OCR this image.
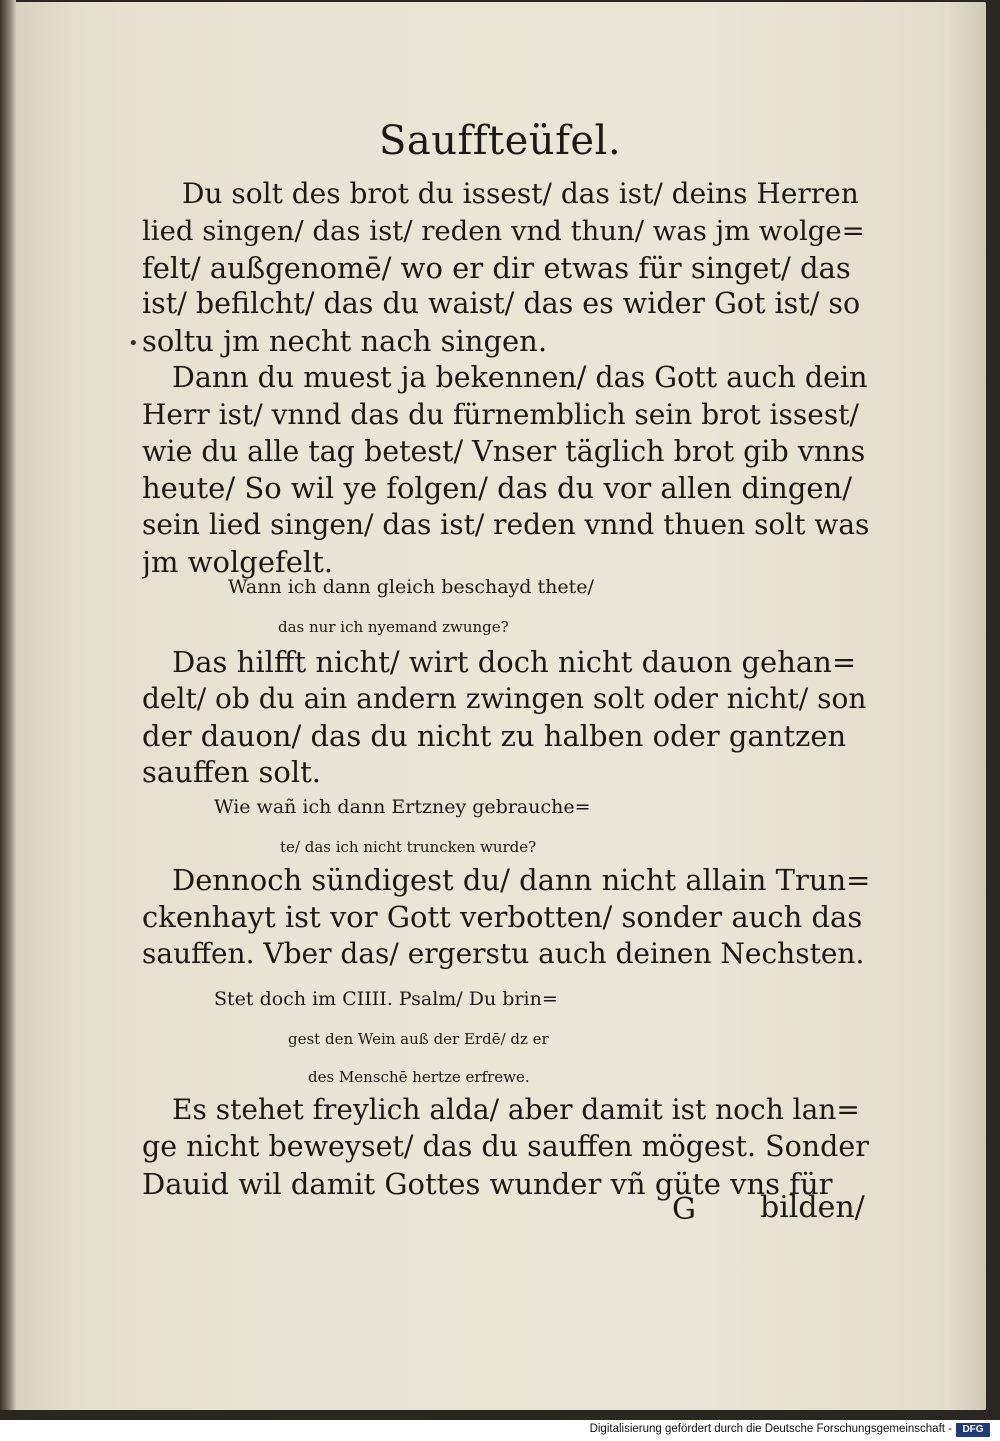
Sauffteüfel.
•
Du solt des brot du issest/ das ist/ deins Herren
lied singen/ das ist/ reden vnd thun/ was jm wolge=
felt/ außgenomē/ wo er dir etwas für singet/ das
ist/ befilcht/ das du waist/ das es wider Got ist/ so
soltu jm necht nach singen.
Dann du muest ja bekennen/ das Gott auch dein
Herr ist/ vnnd das du fürnemblich sein brot issest/
wie du alle tag betest/ Vnser täglich brot gib vnns
heute/ So wil ye folgen/ das du vor allen dingen/
sein lied singen/ das ist/ reden vnnd thuen solt was
jm wolgefelt.
Wann ich dann gleich beschayd thete/
das nur ich nyemand zwunge?
Das hilfft nicht/ wirt doch nicht dauon gehan=
delt/ ob du ain andern zwingen solt oder nicht/ son
der dauon/ das du nicht zu halben oder gantzen
sauffen solt.
Wie wañ ich dann Ertzney gebrauche=
te/ das ich nicht truncken wurde?
Dennoch sündigest du/ dann nicht allain Trun=
ckenhayt ist vor Gott verbotten/ sonder auch das
sauffen. Vber das/ ergerstu auch deinen Nechsten.
Stet doch im CIIII. Psalm/ Du brin=
gest den Wein auß der Erdē/ dz er
des Menschē hertze erfrewe.
Es stehet freylich alda/ aber damit ist noch lan=
ge nicht beweyset/ das du sauffen mögest. Sonder
Dauid wil damit Gottes wunder vñ güte vns für
G bilden/
Digitalisierung gefördert durch die Deutsche Forschungsgemeinschaft -	DFG
